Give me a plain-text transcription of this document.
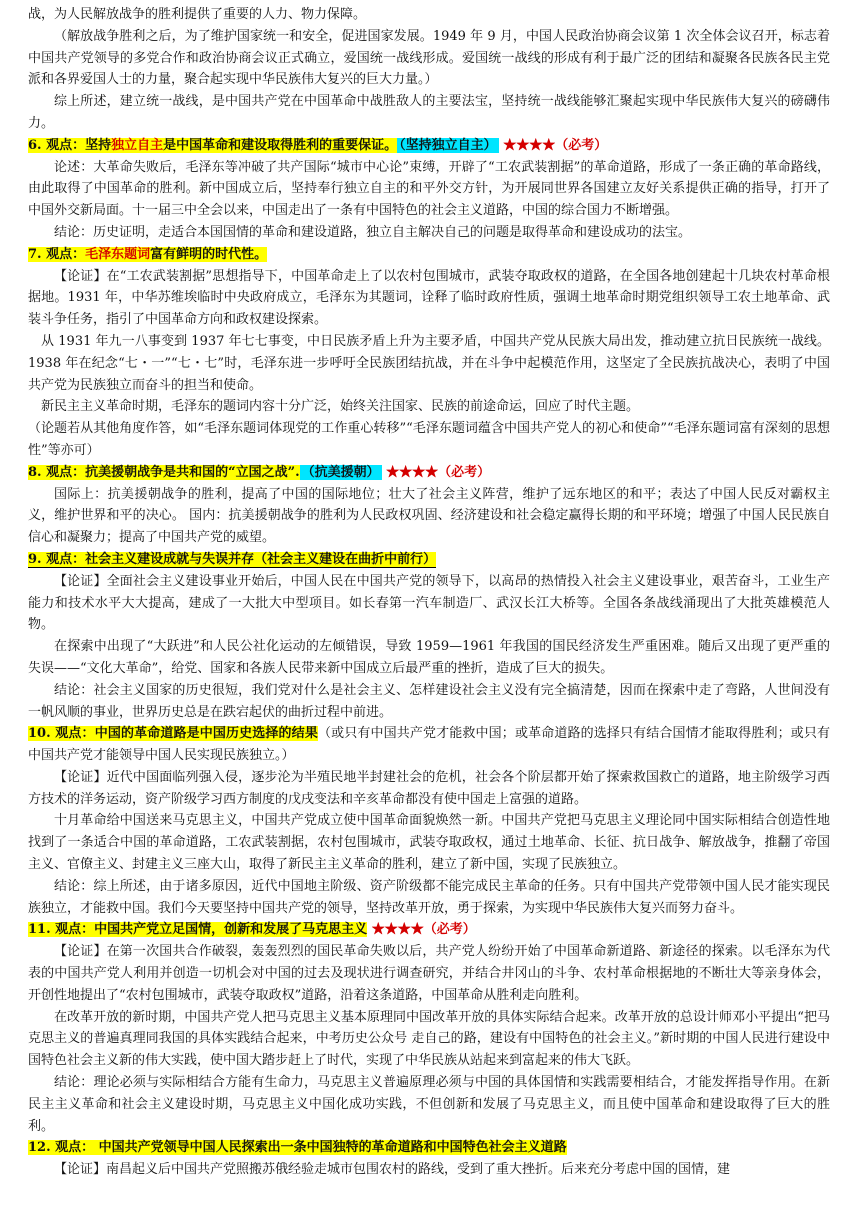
战，为人民解放战争的胜利提供了重要的人力、物力保障。

（解放战争胜利之后，为了维护国家统一和安全，促进国家发展。1949 年 9 月，中国人民政治协商会议第 1 次全体会议召开，标志着中国共产党领导的多党合作和政治协商会议正式确立，爱国统一战线形成。爱国统一战线的形成有利于最广泛的团结和凝聚各民族各民主党派和各界爱国人士的力量，聚合起实现中华民族伟大复兴的巨大力量。）

综上所述，建立统一战线，是中国共产党在中国革命中战胜敌人的主要法宝，坚持统一战线能够汇聚起实现中华民族伟大复兴的磅礴伟力。

6. 观点：坚持独立自主是中国革命和建设取得胜利的重要保证。 （坚持独立自主） ★★★★（必考）

论述：大革命失败后，毛泽东等冲破了共产国际“城市中心论”束缚，开辟了“工农武装割据”的革命道路，形成了一条正确的革命路线，由此取得了中国革命的胜利。新中国成立后，坚持奉行独立自主的和平外交方针，为开展同世界各国建立友好关系提供正确的指导，打开了中国外交新局面。十一届三中全会以来，中国走出了一条有中国特色的社会主义道路，中国的综合国力不断增强。

结论：历史证明，走适合本国国情的革命和建设道路，独立自主解决自己的问题是取得革命和建设成功的法宝。

7. 观点：毛泽东题词富有鲜明的时代性。

【论证】在“工农武装割据”思想指导下，中国革命走上了以农村包围城市，武装夺取政权的道路，在全国各地创建起十几块农村革命根据地。1931 年，中华苏维埃临时中央政府成立，毛泽东为其题词，诠释了临时政府性质，强调土地革命时期党组织领导工农土地革命、武装斗争任务，指引了中国革命方向和政权建设探索。

从 1931 年九一八事变到 1937 年七七事变，中日民族矛盾上升为主要矛盾，中国共产党从民族大局出发，推动建立抗日民族统一战线。1938 年在纪念“七・一”“七・七”时，毛泽东进一步呼吁全民族团结抗战，并在斗争中起模范作用，这坚定了全民族抗战决心，表明了中国共产党为民族独立而奋斗的担当和使命。

新民主主义革命时期，毛泽东的题词内容十分广泛，始终关注国家、民族的前途命运，回应了时代主题。

（论题若从其他角度作答，如“毛泽东题词体现党的工作重心转移”“毛泽东题词蕴含中国共产党人的初心和使命”“毛泽东题词富有深刻的思想性”等亦可）

8. 观点：抗美援朝战争是共和国的“立国之战”. （抗美援朝） ★★★★（必考）

国际上：抗美援朝战争的胜利，提高了中国的国际地位；壮大了社会主义阵营，维护了远东地区的和平；表达了中国人民反对霸权主义，维护世界和平的决心。 国内：抗美援朝战争的胜利为人民政权巩固、经济建设和社会稳定赢得长期的和平环境；增强了中国人民民族自信心和凝聚力；提高了中国共产党的威望。

9. 观点：社会主义建设成就与失误并存（社会主义建设在曲折中前行）

【论证】全面社会主义建设事业开始后，中国人民在中国共产党的领导下，以高昂的热情投入社会主义建设事业，艰苦奋斗，工业生产能力和技术水平大大提高，建成了一大批大中型项目。如长春第一汽车制造厂、武汉长江大桥等。全国各条战线涌现出了大批英雄模范人物。

在探索中出现了“大跃进”和人民公社化运动的左倾错误，导致 1959—1961 年我国的国民经济发生严重困难。随后又出现了更严重的失误——“文化大革命”，给党、国家和各族人民带来新中国成立后最严重的挫折，造成了巨大的损失。

结论：社会主义国家的历史很短，我们党对什么是社会主义、怎样建设社会主义没有完全搞清楚，因而在探索中走了弯路，人世间没有一帆风顺的事业，世界历史总是在跌宕起伏的曲折过程中前进。

10. 观点：中国的革命道路是中国历史选择的结果（或只有中国共产党才能救中国；或革命道路的选择只有结合国情才能取得胜利；或只有中国共产党才能领导中国人民实现民族独立。）

【论证】近代中国面临列强入侵，逐步沦为半殖民地半封建社会的危机，社会各个阶层都开始了探索救国救亡的道路，地主阶级学习西方技术的洋务运动，资产阶级学习西方制度的戊戌变法和辛亥革命都没有使中国走上富强的道路。

十月革命给中国送来马克思主义，中国共产党成立使中国革命面貌焕然一新。中国共产党把马克思主义理论同中国实际相结合创造性地找到了一条适合中国的革命道路，工农武装割据，农村包围城市，武装夺取政权，通过土地革命、长征、抗日战争、解放战争，推翻了帝国主义、官僚主义、封建主义三座大山，取得了新民主主义革命的胜利，建立了新中国，实现了民族独立。

结论：综上所述，由于诸多原因，近代中国地主阶级、资产阶级都不能完成民主革命的任务。只有中国共产党带领中国人民才能实现民族独立，才能救中国。我们今天要坚持中国共产党的领导，坚持改革开放，勇于探索，为实现中华民族伟大复兴而努力奋斗。

11. 观点：中国共产党立足国情，创新和发展了马克思主义 ★★★★（必考）

【论证】在第一次国共合作破裂，轰轰烈烈的国民革命失败以后，共产党人纷纷开始了中国革命新道路、新途径的探索。以毛泽东为代表的中国共产党人利用并创造一切机会对中国的过去及现状进行调查研究，并结合井冈山的斗争、农村革命根据地的不断壮大等亲身体会，开创性地提出了“农村包围城市，武装夺取政权”道路，沿着这条道路，中国革命从胜利走向胜利。

在改革开放的新时期，中国共产党人把马克思主义基本原理同中国改革开放的具体实际结合起来。改革开放的总设计师邓小平提出“把马克思主义的普遍真理同我国的具体实践结合起来，中考历史公众号 走自己的路，建设有中国特色的社会主义。”新时期的中国人民进行建设中国特色社会主义新的伟大实践，使中国大踏步赶上了时代，实现了中华民族从站起来到富起来的伟大飞跃。

结论：理论必须与实际相结合方能有生命力，马克思主义普遍原理必须与中国的具体国情和实践需要相结合，才能发挥指导作用。在新民主主义革命和社会主义建设时期，马克思主义中国化成功实践，不但创新和发展了马克思主义，而且使中国革命和建设取得了巨大的胜利。

12. 观点： 中国共产党领导中国人民探索出一条中国独特的革命道路和中国特色社会主义道路

【论证】南昌起义后中国共产党照搬苏俄经验走城市包围农村的路线，受到了重大挫折。后来充分考虑中国的国情，建
